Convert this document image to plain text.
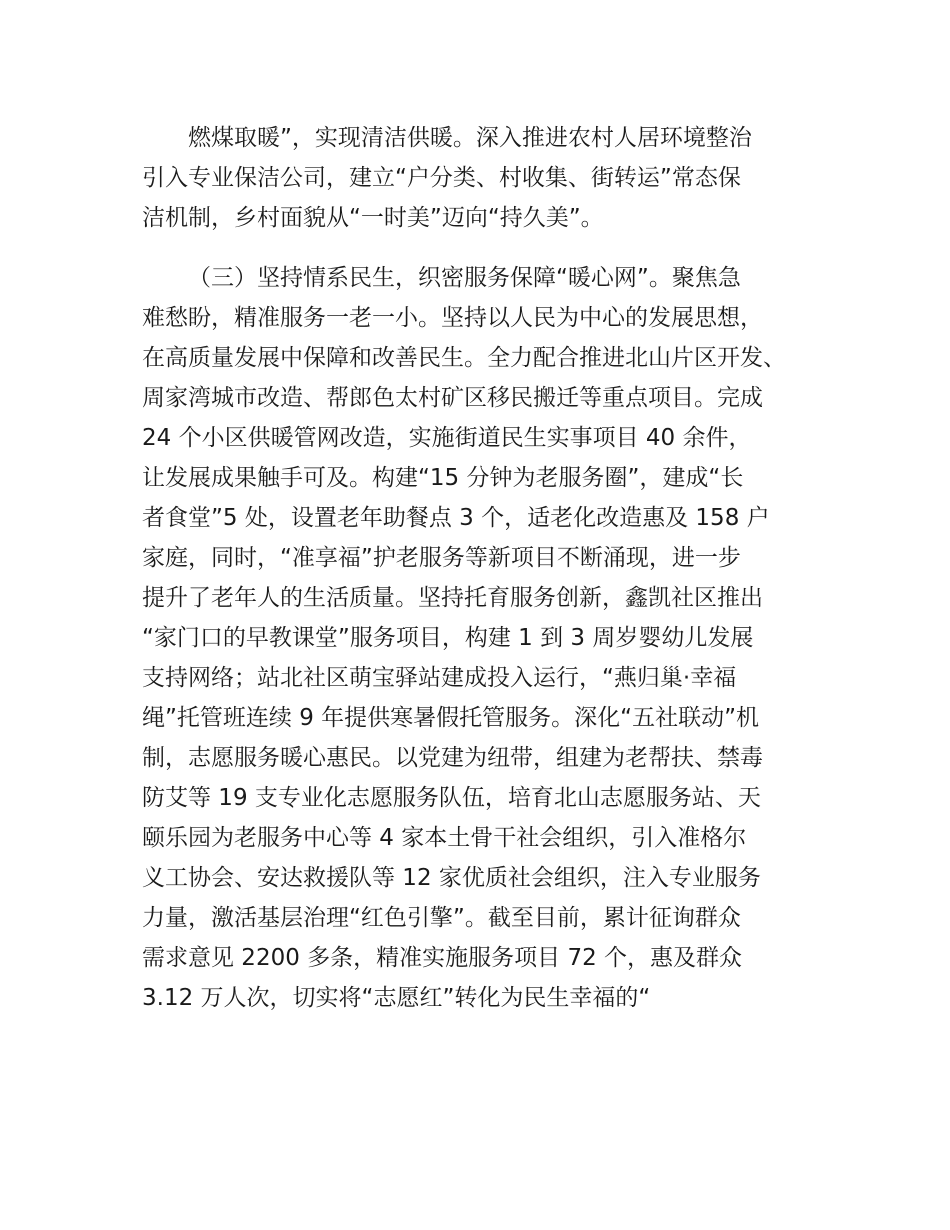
燃煤取暖”，实现清洁供暖。深入推进农村人居环境整治
引入专业保洁公司，建立“户分类、村收集、街转运”常态保
洁机制，乡村面貌从“一时美”迈向“持久美”。
（三）坚持情系民生，织密服务保障“暖心网”。聚焦急
难愁盼，精准服务一老一小。坚持以人民为中心的发展思想，
在高质量发展中保障和改善民生。全力配合推进北山片区开发、
周家湾城市改造、帮郎色太村矿区移民搬迁等重点项目。完成
24 个小区供暖管网改造，实施街道民生实事项目 40 余件，
让发展成果触手可及。构建“15 分钟为老服务圈”，建成“长
者食堂”5 处，设置老年助餐点 3 个，适老化改造惠及 158 户
家庭，同时，“准享福”护老服务等新项目不断涌现，进一步
提升了老年人的生活质量。坚持托育服务创新，鑫凯社区推出
“家门口的早教课堂”服务项目，构建 1 到 3 周岁婴幼儿发展
支持网络；站北社区萌宝驿站建成投入运行，“燕归巢·幸福
绳”托管班连续 9 年提供寒暑假托管服务。深化“五社联动”机
制，志愿服务暖心惠民。以党建为纽带，组建为老帮扶、禁毒
防艾等 19 支专业化志愿服务队伍，培育北山志愿服务站、天
颐乐园为老服务中心等 4 家本土骨干社会组织，引入准格尔
义工协会、安达救援队等 12 家优质社会组织，注入专业服务
力量，激活基层治理“红色引擎”。截至目前，累计征询群众
需求意见 2200 多条，精准实施服务项目 72 个，惠及群众
3.12 万人次，切实将“志愿红”转化为民生幸福的“
